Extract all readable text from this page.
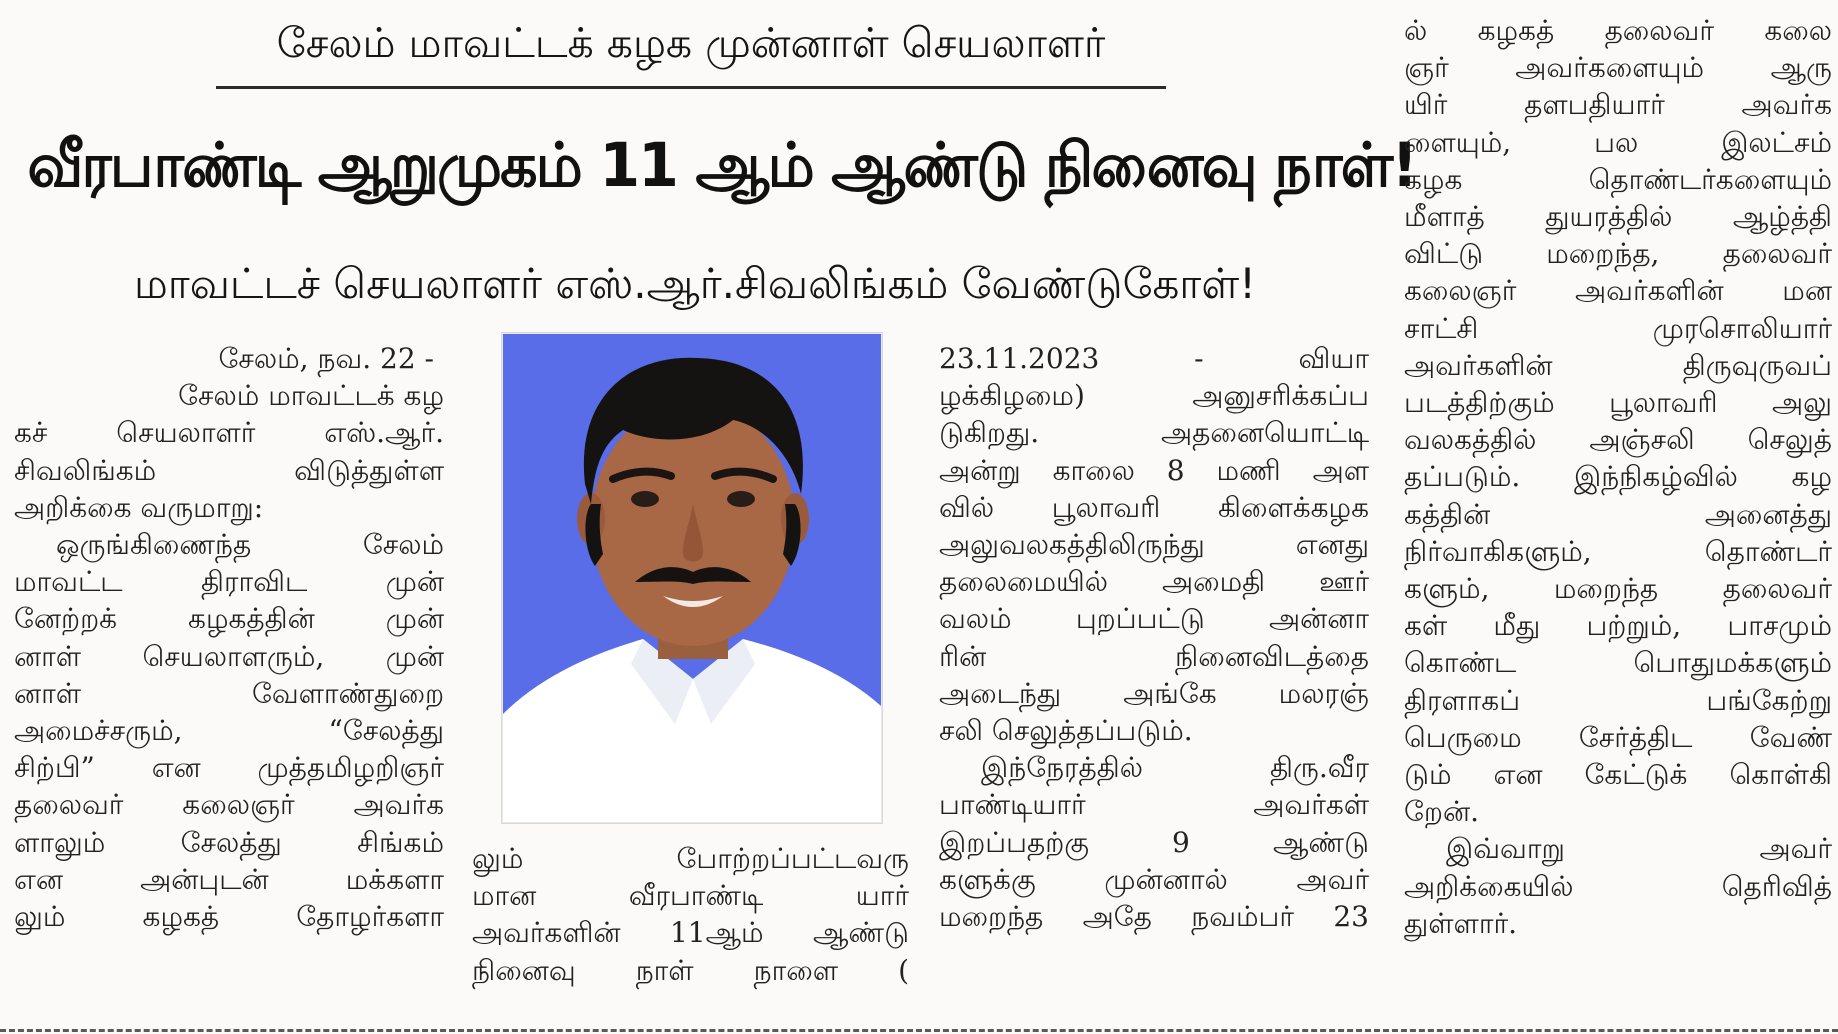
சேலம் மாவட்டக் கழக முன்னாள் செயலாளர்
வீரபாண்டி ஆறுமுகம் 11 ஆம் ஆண்டு நினைவு நாள்!
மாவட்டச் செயலாளர் எஸ்.ஆர்.சிவலிங்கம் வேண்டுகோள்!
சேலம், நவ. 22 -
சேலம் மாவட்டக் கழ
கச் செயலாளர் எஸ்.ஆர்.
சிவலிங்கம் விடுத்துள்ள
அறிக்கை வருமாறு:
ஒருங்கிணைந்த சேலம்
மாவட்ட திராவிட முன்
னேற்றக் கழகத்தின் முன்
னாள் செயலாளரும், முன்
னாள் வேளாண்துறை
அமைச்சரும், “சேலத்து
சிற்பி” என முத்தமிழறிஞர்
தலைவர் கலைஞர் அவர்க
ளாலும் சேலத்து சிங்கம்
என அன்புடன் மக்களா
லும் கழகத் தோழர்களா
லும் போற்றப்பட்டவரு
மான வீரபாண்டி யார்
அவர்களின் 11ஆம் ஆண்டு
நினைவு நாள் நாளை (
23.11.2023 - வியா
ழக்கிழமை) அனுசரிக்கப்ப
டுகிறது. அதனையொட்டி
அன்று காலை 8 மணி அள
வில் பூலாவரி கிளைக்கழக
அலுவலகத்திலிருந்து எனது
தலைமையில் அமைதி ஊர்
வலம் புறப்பட்டு அன்னா
ரின் நினைவிடத்தை
அடைந்து அங்கே மலரஞ்
சலி செலுத்தப்படும்.
இந்நேரத்தில் திரு.வீர
பாண்டியார் அவர்கள்
இறப்பதற்கு 9 ஆண்டு
களுக்கு முன்னால் அவர்
மறைந்த அதே நவம்பர் 23
ல் கழகத் தலைவர் கலை
ஞர் அவர்களையும் ஆரு
யிர் தளபதியார் அவர்க
ளையும், பல இலட்சம்
கழக தொண்டர்களையும்
மீளாத் துயரத்தில் ஆழ்த்தி
விட்டு மறைந்த, தலைவர்
கலைஞர் அவர்களின் மன
சாட்சி முரசொலியார்
அவர்களின் திருவுருவப்
படத்திற்கும் பூலாவரி அலு
வலகத்தில் அஞ்சலி செலுத்
தப்படும். இந்நிகழ்வில் கழ
கத்தின் அனைத்து
நிர்வாகிகளும், தொண்டர்
களும், மறைந்த தலைவர்
கள் மீது பற்றும், பாசமும்
கொண்ட பொதுமக்களும்
திரளாகப் பங்கேற்று
பெருமை சேர்த்திட வேண்
டும் என கேட்டுக் கொள்கி
றேன்.
இவ்வாறு அவர்
அறிக்கையில் தெரிவித்
துள்ளார்.
